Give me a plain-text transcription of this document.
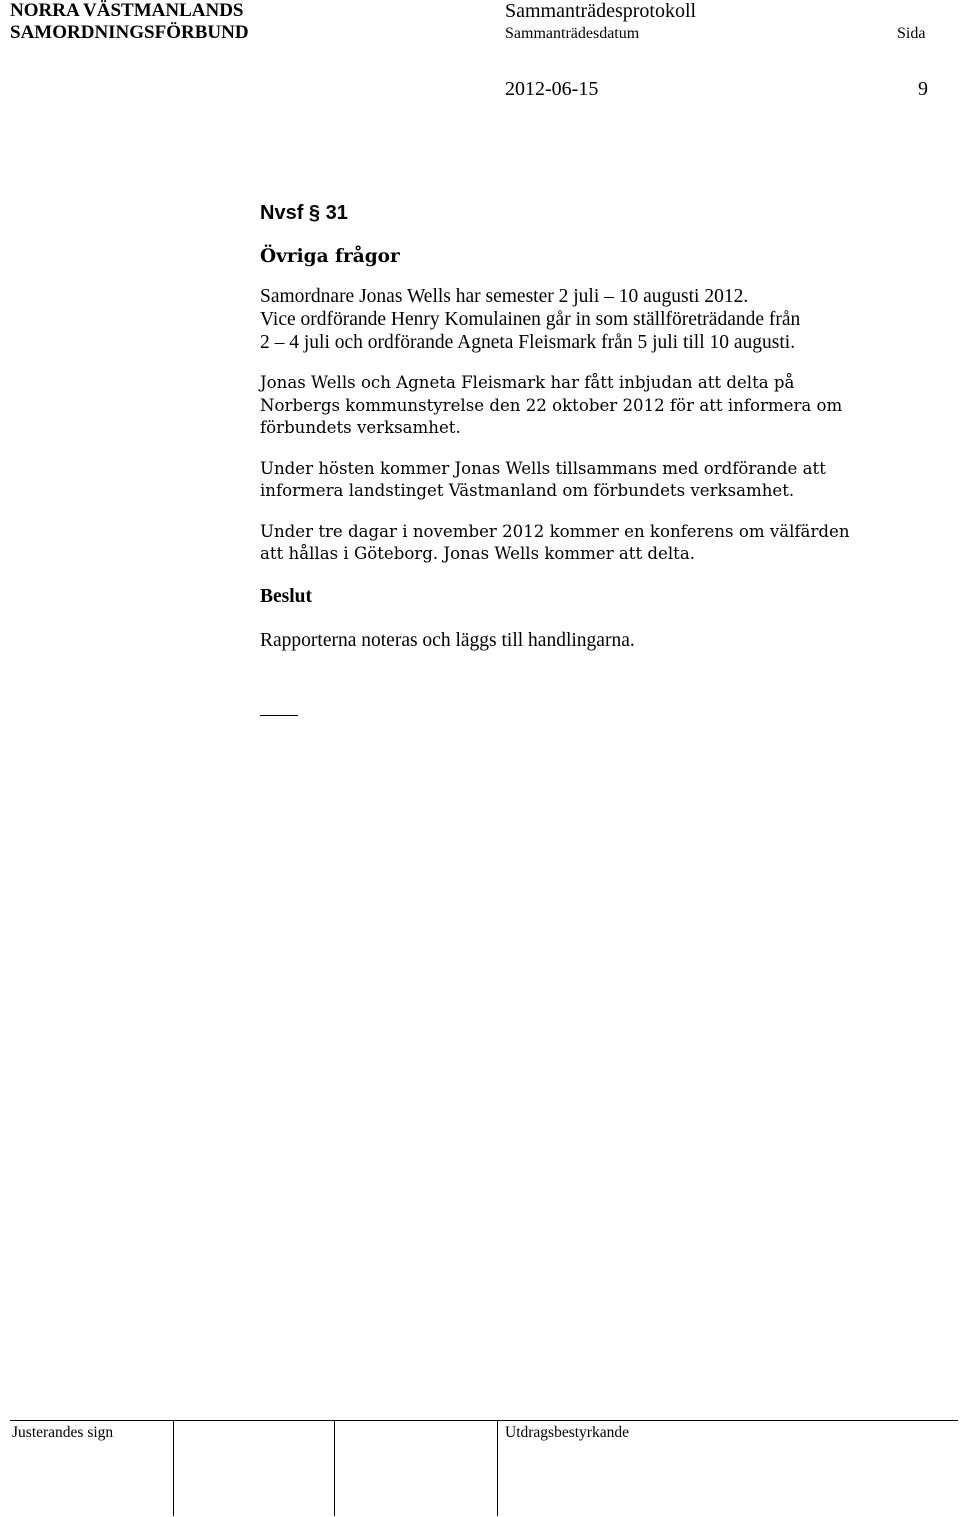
NORRA VÄSTMANLANDS
SAMORDNINGSFÖRBUND
Sammanträdesprotokoll
Sammanträdesdatum	Sida
2012-06-15	9
Nvsf § 31
Övriga frågor

Samordnare Jonas Wells har semester 2 juli – 10 augusti 2012.
Vice ordförande Henry Komulainen går in som ställföreträdande från
2 – 4 juli och ordförande Agneta Fleismark från 5 juli till 10 augusti.

Jonas Wells och Agneta Fleismark har fått inbjudan att delta på
Norbergs kommunstyrelse den 22 oktober 2012 för att informera om
förbundets verksamhet.

Under hösten kommer Jonas Wells tillsammans med ordförande att
informera landstinget Västmanland om förbundets verksamhet.

Under tre dagar i november 2012 kommer en konferens om välfärden
att hållas i Göteborg. Jonas Wells kommer att delta.

Beslut

Rapporterna noteras och läggs till handlingarna.

Justerandes sign	Utdragsbestyrkande
